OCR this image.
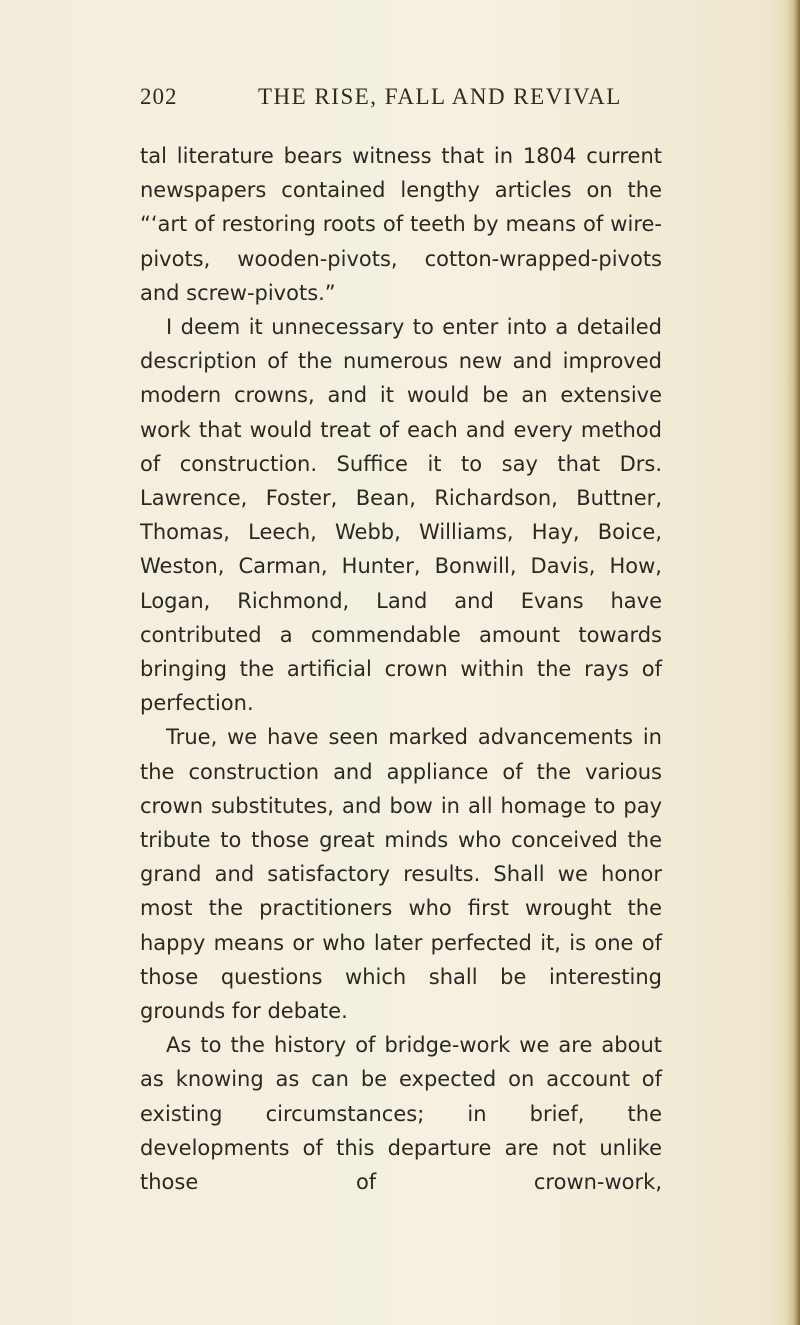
202	THE RISE, FALL AND REVIVAL

tal literature bears witness that in 1804 current newspapers contained lengthy articles on the “‘art of restoring roots of teeth by means of wire-pivots, wooden-pivots, cotton-wrapped-pivots and screw-pivots.”

I deem it unnecessary to enter into a detailed description of the numerous new and improved modern crowns, and it would be an extensive work that would treat of each and every method of construction. Suffice it to say that Drs. Lawrence, Foster, Bean, Richardson, Buttner, Thomas, Leech, Webb, Williams, Hay, Boice, Weston, Carman, Hunter, Bonwill, Davis, How, Logan, Richmond, Land and Evans have contributed a commendable amount towards bringing the artificial crown within the rays of perfection.

True, we have seen marked advancements in the construction and appliance of the various crown substitutes, and bow in all homage to pay tribute to those great minds who conceived the grand and satisfactory results. Shall we honor most the practitioners who first wrought the happy means or who later perfected it, is one of those questions which shall be interesting grounds for debate.

As to the history of bridge-work we are about as knowing as can be expected on account of existing circumstances; in brief, the developments of this departure are not unlike those of crown-work,
